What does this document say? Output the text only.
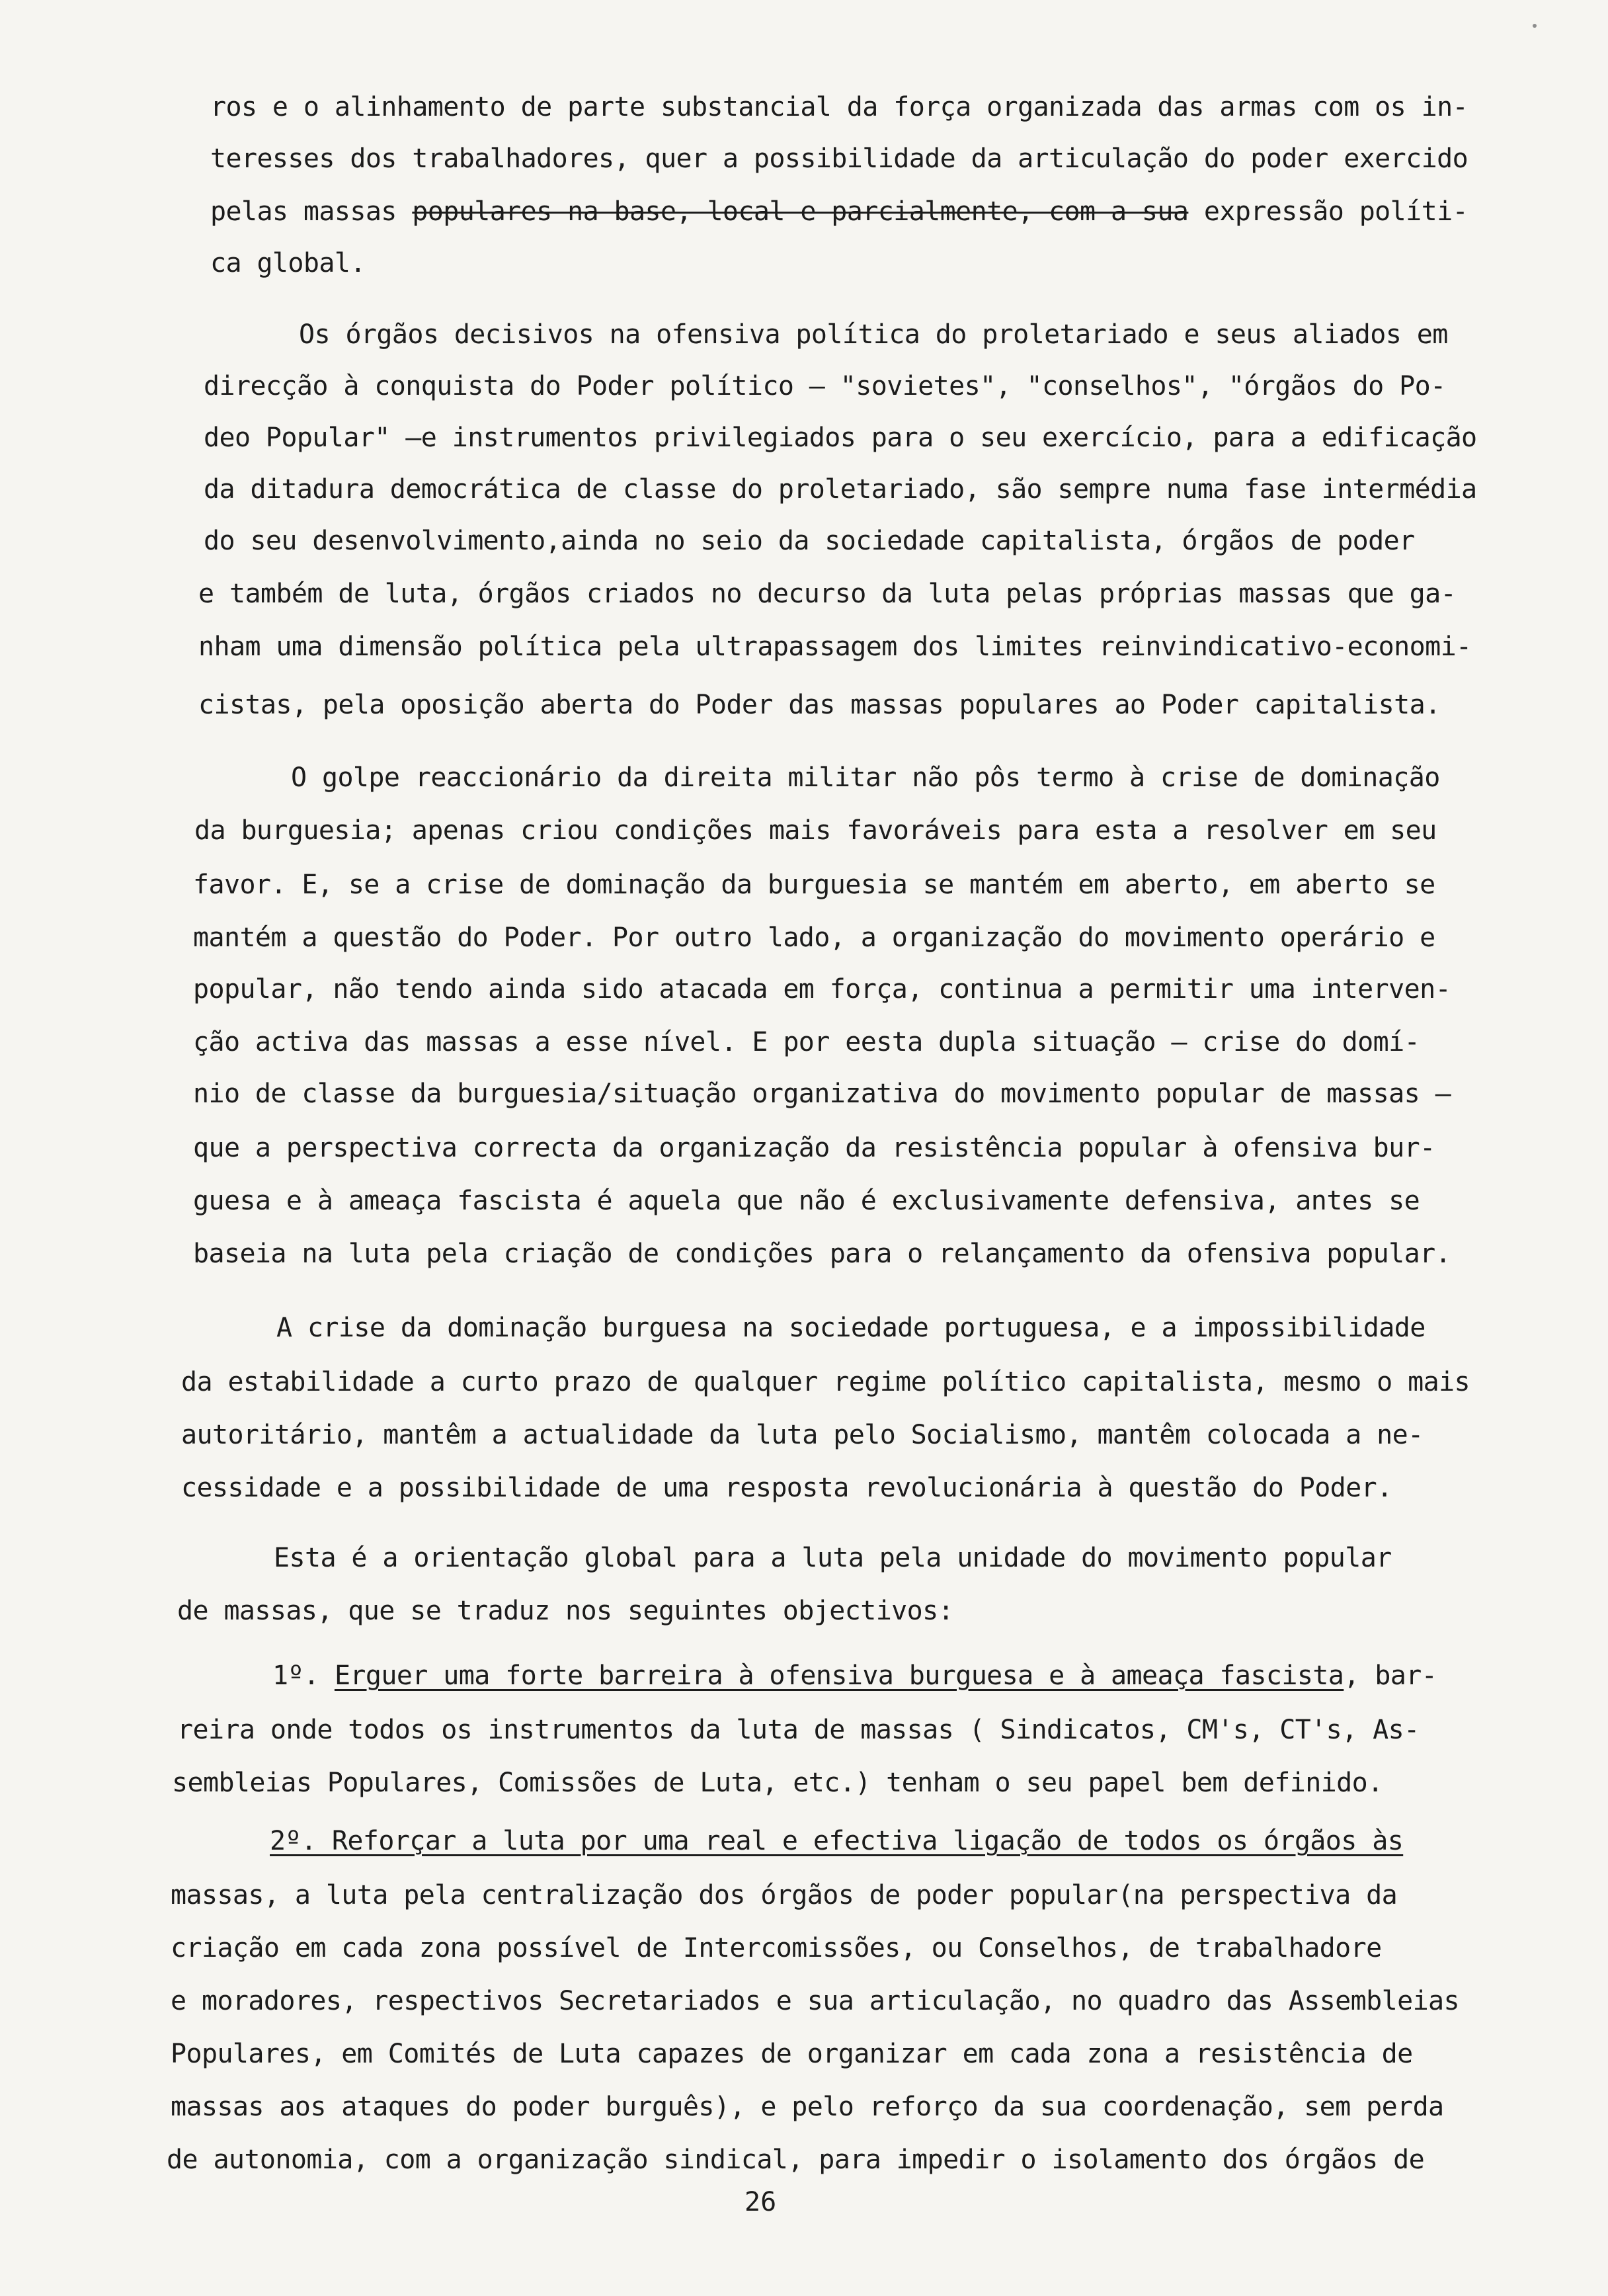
ros e o alinhamento de parte substancial da força organizada das armas com os in-
teresses dos trabalhadores, quer a possibilidade da articulação do poder exercido
pelas massas populares na base, local e parcialmente, com a sua expressão políti-
ca global.
Os órgãos decisivos na ofensiva política do proletariado e seus aliados em
direcção à conquista do Poder político — "sovietes", "conselhos", "órgãos do Po-
deo Popular" —e instrumentos privilegiados para o seu exercício, para a edificação
da ditadura democrática de classe do proletariado, são sempre numa fase intermédia
do seu desenvolvimento,ainda no seio da sociedade capitalista, órgãos de poder
e também de luta, órgãos criados no decurso da luta pelas próprias massas que ga-
nham uma dimensão política pela ultrapassagem dos limites reinvindicativo-economi-
cistas, pela oposição aberta do Poder das massas populares ao Poder capitalista.
O golpe reaccionário da direita militar não pôs termo à crise de dominação
da burguesia; apenas criou condições mais favoráveis para esta a resolver em seu
favor. E, se a crise de dominação da burguesia se mantém em aberto, em aberto se
mantém a questão do Poder. Por outro lado, a organização do movimento operário e
popular, não tendo ainda sido atacada em força, continua a permitir uma interven-
ção activa das massas a esse nível. E por eesta dupla situação — crise do domí-
nio de classe da burguesia/situação organizativa do movimento popular de massas —
que a perspectiva correcta da organização da resistência popular à ofensiva bur-
guesa e à ameaça fascista é aquela que não é exclusivamente defensiva, antes se
baseia na luta pela criação de condições para o relançamento da ofensiva popular.
A crise da dominação burguesa na sociedade portuguesa, e a impossibilidade
da estabilidade a curto prazo de qualquer regime político capitalista, mesmo o mais
autoritário, mantêm a actualidade da luta pelo Socialismo, mantêm colocada a ne-
cessidade e a possibilidade de uma resposta revolucionária à questão do Poder.
Esta é a orientação global para a luta pela unidade do movimento popular
de massas, que se traduz nos seguintes objectivos:
1º. Erguer uma forte barreira à ofensiva burguesa e à ameaça fascista, bar-
reira onde todos os instrumentos da luta de massas ( Sindicatos, CM's, CT's, As-
sembleias Populares, Comissões de Luta, etc.) tenham o seu papel bem definido.
2º. Reforçar a luta por uma real e efectiva ligação de todos os órgãos às
massas, a luta pela centralização dos órgãos de poder popular(na perspectiva da
criação em cada zona possível de Intercomissões, ou Conselhos, de trabalhadore
e moradores, respectivos Secretariados e sua articulação, no quadro das Assembleias
Populares, em Comités de Luta capazes de organizar em cada zona a resistência de
massas aos ataques do poder burguês), e pelo reforço da sua coordenação, sem perda
de autonomia, com a organização sindical, para impedir o isolamento dos órgãos de
26
